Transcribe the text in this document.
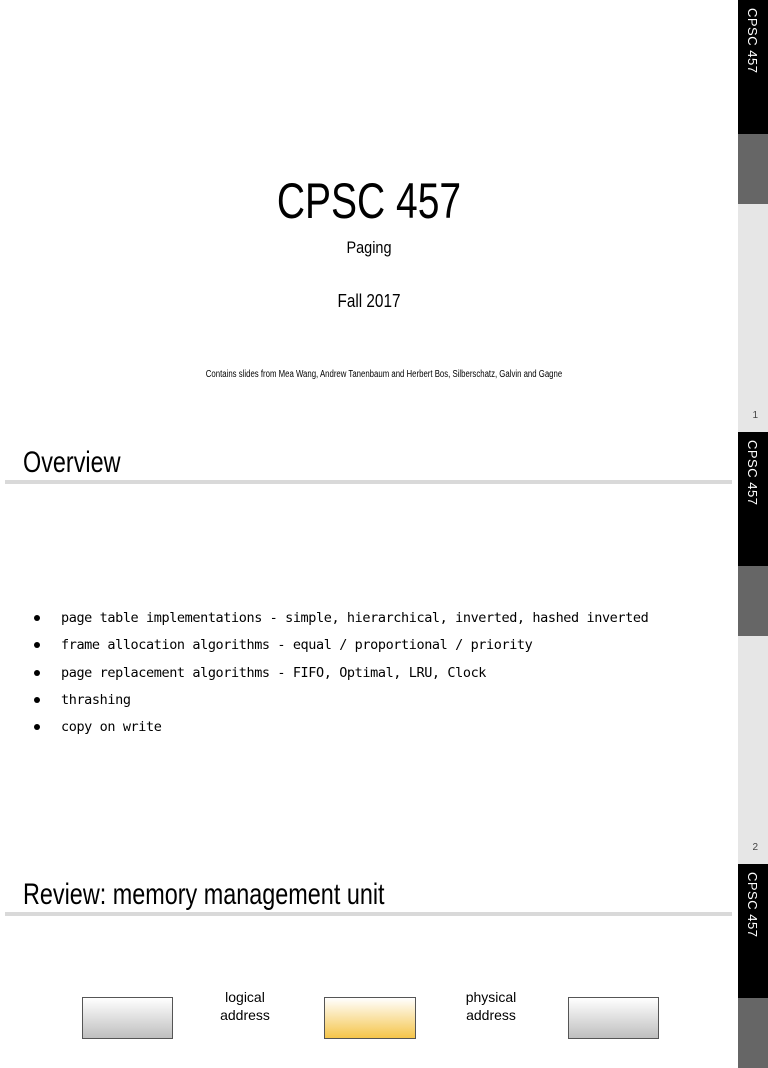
CPSC 457
CPSC 457
Paging
Fall 2017
Contains slides from Mea Wang, Andrew Tanenbaum and Herbert Bos, Silberschatz, Galvin and Gagne
1
CPSC 457
Overview
page table implementations - simple, hierarchical, inverted, hashed inverted
frame allocation algorithms - equal / proportional / priority
page replacement algorithms - FIFO, Optimal, LRU, Clock
thrashing
copy on write
2
CPSC 457
Review: memory management unit
logical address
physical address
